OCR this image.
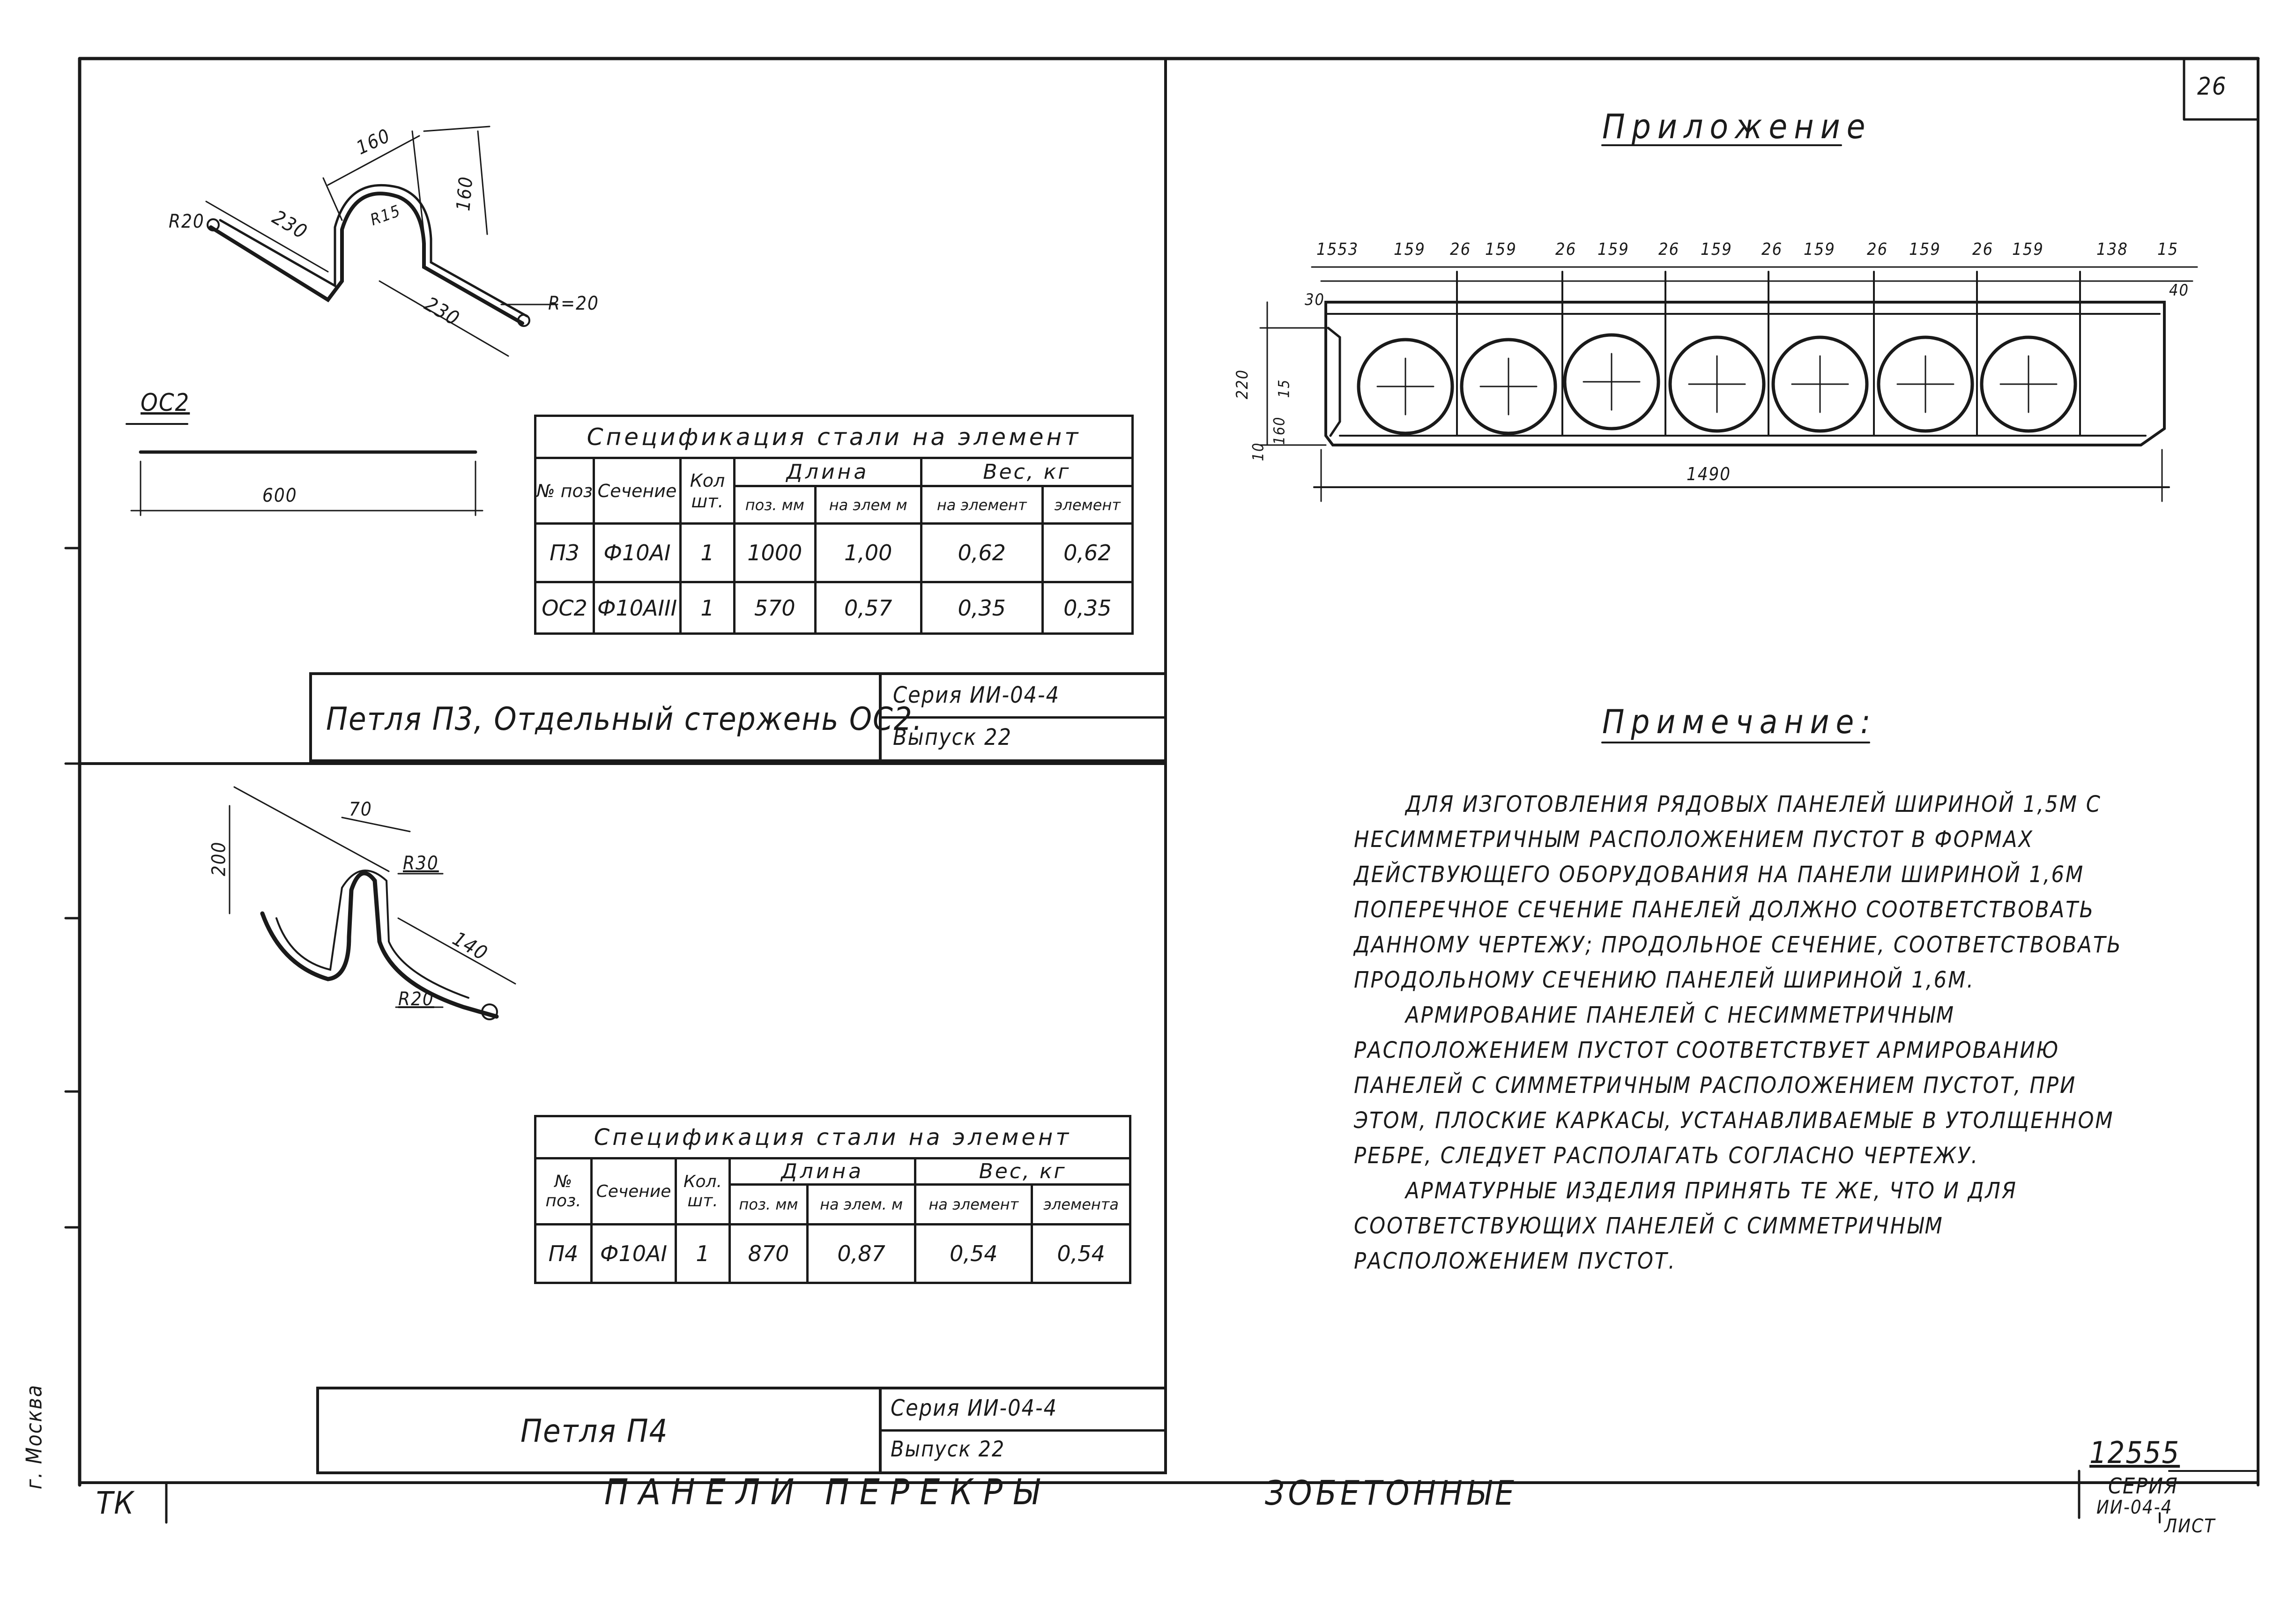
26
Приложение
15 53 159 26 159 26 159 26 159 26 159 26 159 26 159	138 15
30
220 15
160
10
40
1490
Примечание:

ДЛЯ ИЗГОТОВЛЕНИЯ РЯДОВЫХ ПАНЕЛЕЙ ШИРИНОЙ 1,5М С НЕСИММЕТРИЧНЫМ РАСПОЛОЖЕНИЕМ ПУСТОТ В ФОРМАХ ДЕЙСТВУЮЩЕГО ОБОРУДОВАНИЯ НА ПАНЕЛИ ШИРИНОЙ 1,6М ПОПЕРЕЧНОЕ СЕЧЕНИЕ ПАНЕЛЕЙ ДОЛЖНО СООТВЕТСТВОВАТЬ ДАННОМУ ЧЕРТЕЖУ; ПРОДОЛЬНОЕ СЕЧЕНИЕ, СООТВЕТСТВОВАТЬ ПРОДОЛЬНОМУ СЕЧЕНИЮ ПАНЕЛЕЙ ШИРИНОЙ 1,6М.

АРМИРОВАНИЕ ПАНЕЛЕЙ С НЕСИММЕТРИЧНЫМ РАСПОЛОЖЕНИЕМ ПУСТОТ СООТВЕТСТВУЕТ АРМИРОВАНИЮ ПАНЕЛЕЙ С СИММЕТРИЧНЫМ РАСПОЛОЖЕНИЕМ ПУСТОТ, ПРИ ЭТОМ, ПЛОСКИЕ КАРКАСЫ, УСТАНАВЛИВАЕМЫЕ В УТОЛЩЕННОМ РЕБРЕ, СЛЕДУЕТ РАСПОЛАГАТЬ СОГЛАСНО ЧЕРТЕЖУ.

АРМАТУРНЫЕ ИЗДЕЛИЯ ПРИНЯТЬ ТЕ ЖЕ, ЧТО И ДЛЯ СООТВЕТСТВУЮЩИХ ПАНЕЛЕЙ С СИММЕТРИЧНЫМ РАСПОЛОЖЕНИЕМ ПУСТОТ.

160
R15
160
230
230
R20
R=20
ОС2
600
70
200	R30
140
R20
Спецификация стали на элемент						
№ поз	Сечение	Кол шт.	Длина		Вес, кг	
			поз. мм	на элем м	на элемент	элемент
П3	Ф10АI	1	1000	1,00	0,62	0,62
ОС2	Ф10АIII	1	570	0,57	0,35	0,35
Петля П3, Отдельный стержень ОС2.
Серия ИИ-04-4
Выпуск 22
Спецификация стали на элемент						
№ поз.	Сечение	Кол. шт.	Длина		Вес, кг	
			поз. мм	на элем. м	на элемент	элемента
П4	Ф10АI	1	870	0,87	0,54	0,54
Петля П4
Серия ИИ-04-4
Выпуск 22
ТК	ПАНЕЛИ ПЕРЕКРЫ	ЗОБЕТОННЫЕ
12555
СЕРИЯ
ИИ-04-4
ЛИСТ
г. Москва
